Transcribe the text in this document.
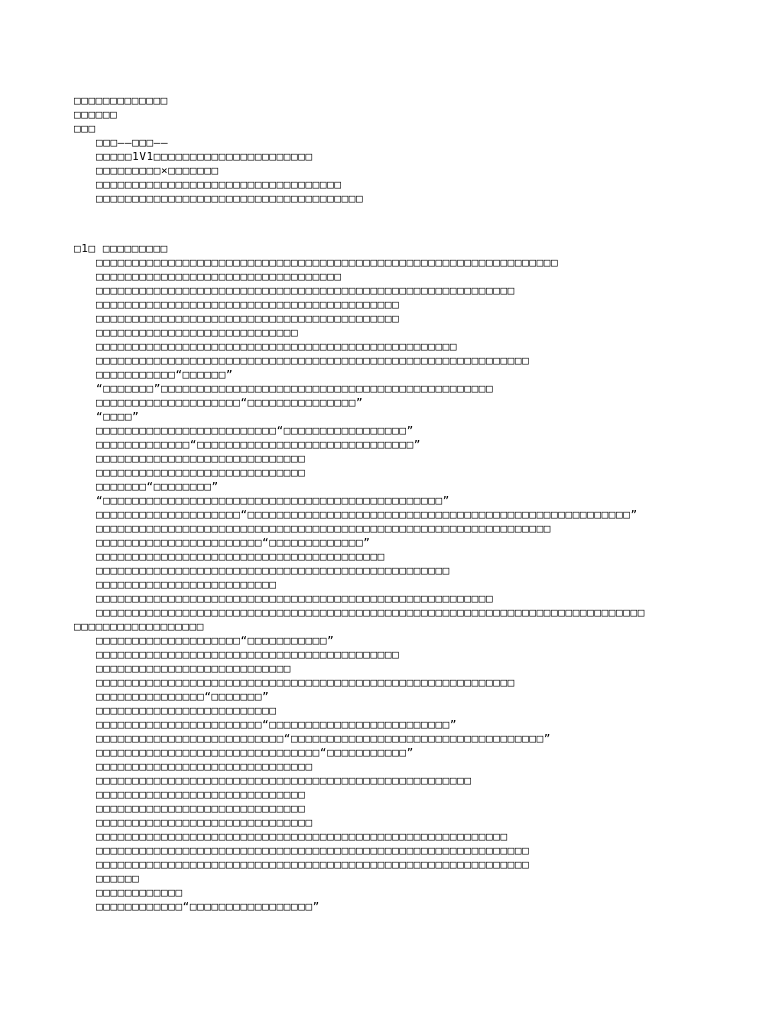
□□□□□□□□□□□□□
□□□□□□
□□□
□□□——□□□——
□□□□□1V1□□□□□□□□□□□□□□□□□□□□□□
□□□□□□□□□×□□□□□□□
□□□□□□□□□□□□□□□□□□□□□□□□□□□□□□□□□□
□□□□□□□□□□□□□□□□□□□□□□□□□□□□□□□□□□□□□
□1□ □□□□□□□□□
□□□□□□□□□□□□□□□□□□□□□□□□□□□□□□□□□□□□□□□□□□□□□□□□□□□□□□□□□□□□□□□□
□□□□□□□□□□□□□□□□□□□□□□□□□□□□□□□□□□
□□□□□□□□□□□□□□□□□□□□□□□□□□□□□□□□□□□□□□□□□□□□□□□□□□□□□□□□□□
□□□□□□□□□□□□□□□□□□□□□□□□□□□□□□□□□□□□□□□□□□
□□□□□□□□□□□□□□□□□□□□□□□□□□□□□□□□□□□□□□□□□□
□□□□□□□□□□□□□□□□□□□□□□□□□□□□
□□□□□□□□□□□□□□□□□□□□□□□□□□□□□□□□□□□□□□□□□□□□□□□□□□
□□□□□□□□□□□□□□□□□□□□□□□□□□□□□□□□□□□□□□□□□□□□□□□□□□□□□□□□□□□□
□□□□□□□□□□□“□□□□□□”
“□□□□□□□”□□□□□□□□□□□□□□□□□□□□□□□□□□□□□□□□□□□□□□□□□□□□□□
□□□□□□□□□□□□□□□□□□□□“□□□□□□□□□□□□□□□”
“□□□□”
□□□□□□□□□□□□□□□□□□□□□□□□□“□□□□□□□□□□□□□□□□□”
□□□□□□□□□□□□□“□□□□□□□□□□□□□□□□□□□□□□□□□□□□□□”
□□□□□□□□□□□□□□□□□□□□□□□□□□□□□
□□□□□□□□□□□□□□□□□□□□□□□□□□□□□
□□□□□□□“□□□□□□□□”
“□□□□□□□□□□□□□□□□□□□□□□□□□□□□□□□□□□□□□□□□□□□□□□□”
□□□□□□□□□□□□□□□□□□□□“□□□□□□□□□□□□□□□□□□□□□□□□□□□□□□□□□□□□□□□□□□□□□□□□□□□□□”
□□□□□□□□□□□□□□□□□□□□□□□□□□□□□□□□□□□□□□□□□□□□□□□□□□□□□□□□□□□□□□□
□□□□□□□□□□□□□□□□□□□□□□□“□□□□□□□□□□□□□”
□□□□□□□□□□□□□□□□□□□□□□□□□□□□□□□□□□□□□□□□
□□□□□□□□□□□□□□□□□□□□□□□□□□□□□□□□□□□□□□□□□□□□□□□□□
□□□□□□□□□□□□□□□□□□□□□□□□□
□□□□□□□□□□□□□□□□□□□□□□□□□□□□□□□□□□□□□□□□□□□□□□□□□□□□□□□
□□□□□□□□□□□□□□□□□□□□□□□□□□□□□□□□□□□□□□□□□□□□□□□□□□□□□□□□□□□□□□□□□□□□□□□□□□□□
□□□□□□□□□□□□□□□□□□
□□□□□□□□□□□□□□□□□□□□“□□□□□□□□□□□”
□□□□□□□□□□□□□□□□□□□□□□□□□□□□□□□□□□□□□□□□□□
□□□□□□□□□□□□□□□□□□□□□□□□□□□
□□□□□□□□□□□□□□□□□□□□□□□□□□□□□□□□□□□□□□□□□□□□□□□□□□□□□□□□□□
□□□□□□□□□□□□□□□“□□□□□□□”
□□□□□□□□□□□□□□□□□□□□□□□□□
□□□□□□□□□□□□□□□□□□□□□□□“□□□□□□□□□□□□□□□□□□□□□□□□□”
□□□□□□□□□□□□□□□□□□□□□□□□□□“□□□□□□□□□□□□□□□□□□□□□□□□□□□□□□□□□□□”
□□□□□□□□□□□□□□□□□□□□□□□□□□□□□□□“□□□□□□□□□□□”
□□□□□□□□□□□□□□□□□□□□□□□□□□□□□□
□□□□□□□□□□□□□□□□□□□□□□□□□□□□□□□□□□□□□□□□□□□□□□□□□□□□
□□□□□□□□□□□□□□□□□□□□□□□□□□□□□
□□□□□□□□□□□□□□□□□□□□□□□□□□□□□
□□□□□□□□□□□□□□□□□□□□□□□□□□□□□□
□□□□□□□□□□□□□□□□□□□□□□□□□□□□□□□□□□□□□□□□□□□□□□□□□□□□□□□□□
□□□□□□□□□□□□□□□□□□□□□□□□□□□□□□□□□□□□□□□□□□□□□□□□□□□□□□□□□□□□
□□□□□□□□□□□□□□□□□□□□□□□□□□□□□□□□□□□□□□□□□□□□□□□□□□□□□□□□□□□□
□□□□□□
□□□□□□□□□□□□
□□□□□□□□□□□□“□□□□□□□□□□□□□□□□□”
